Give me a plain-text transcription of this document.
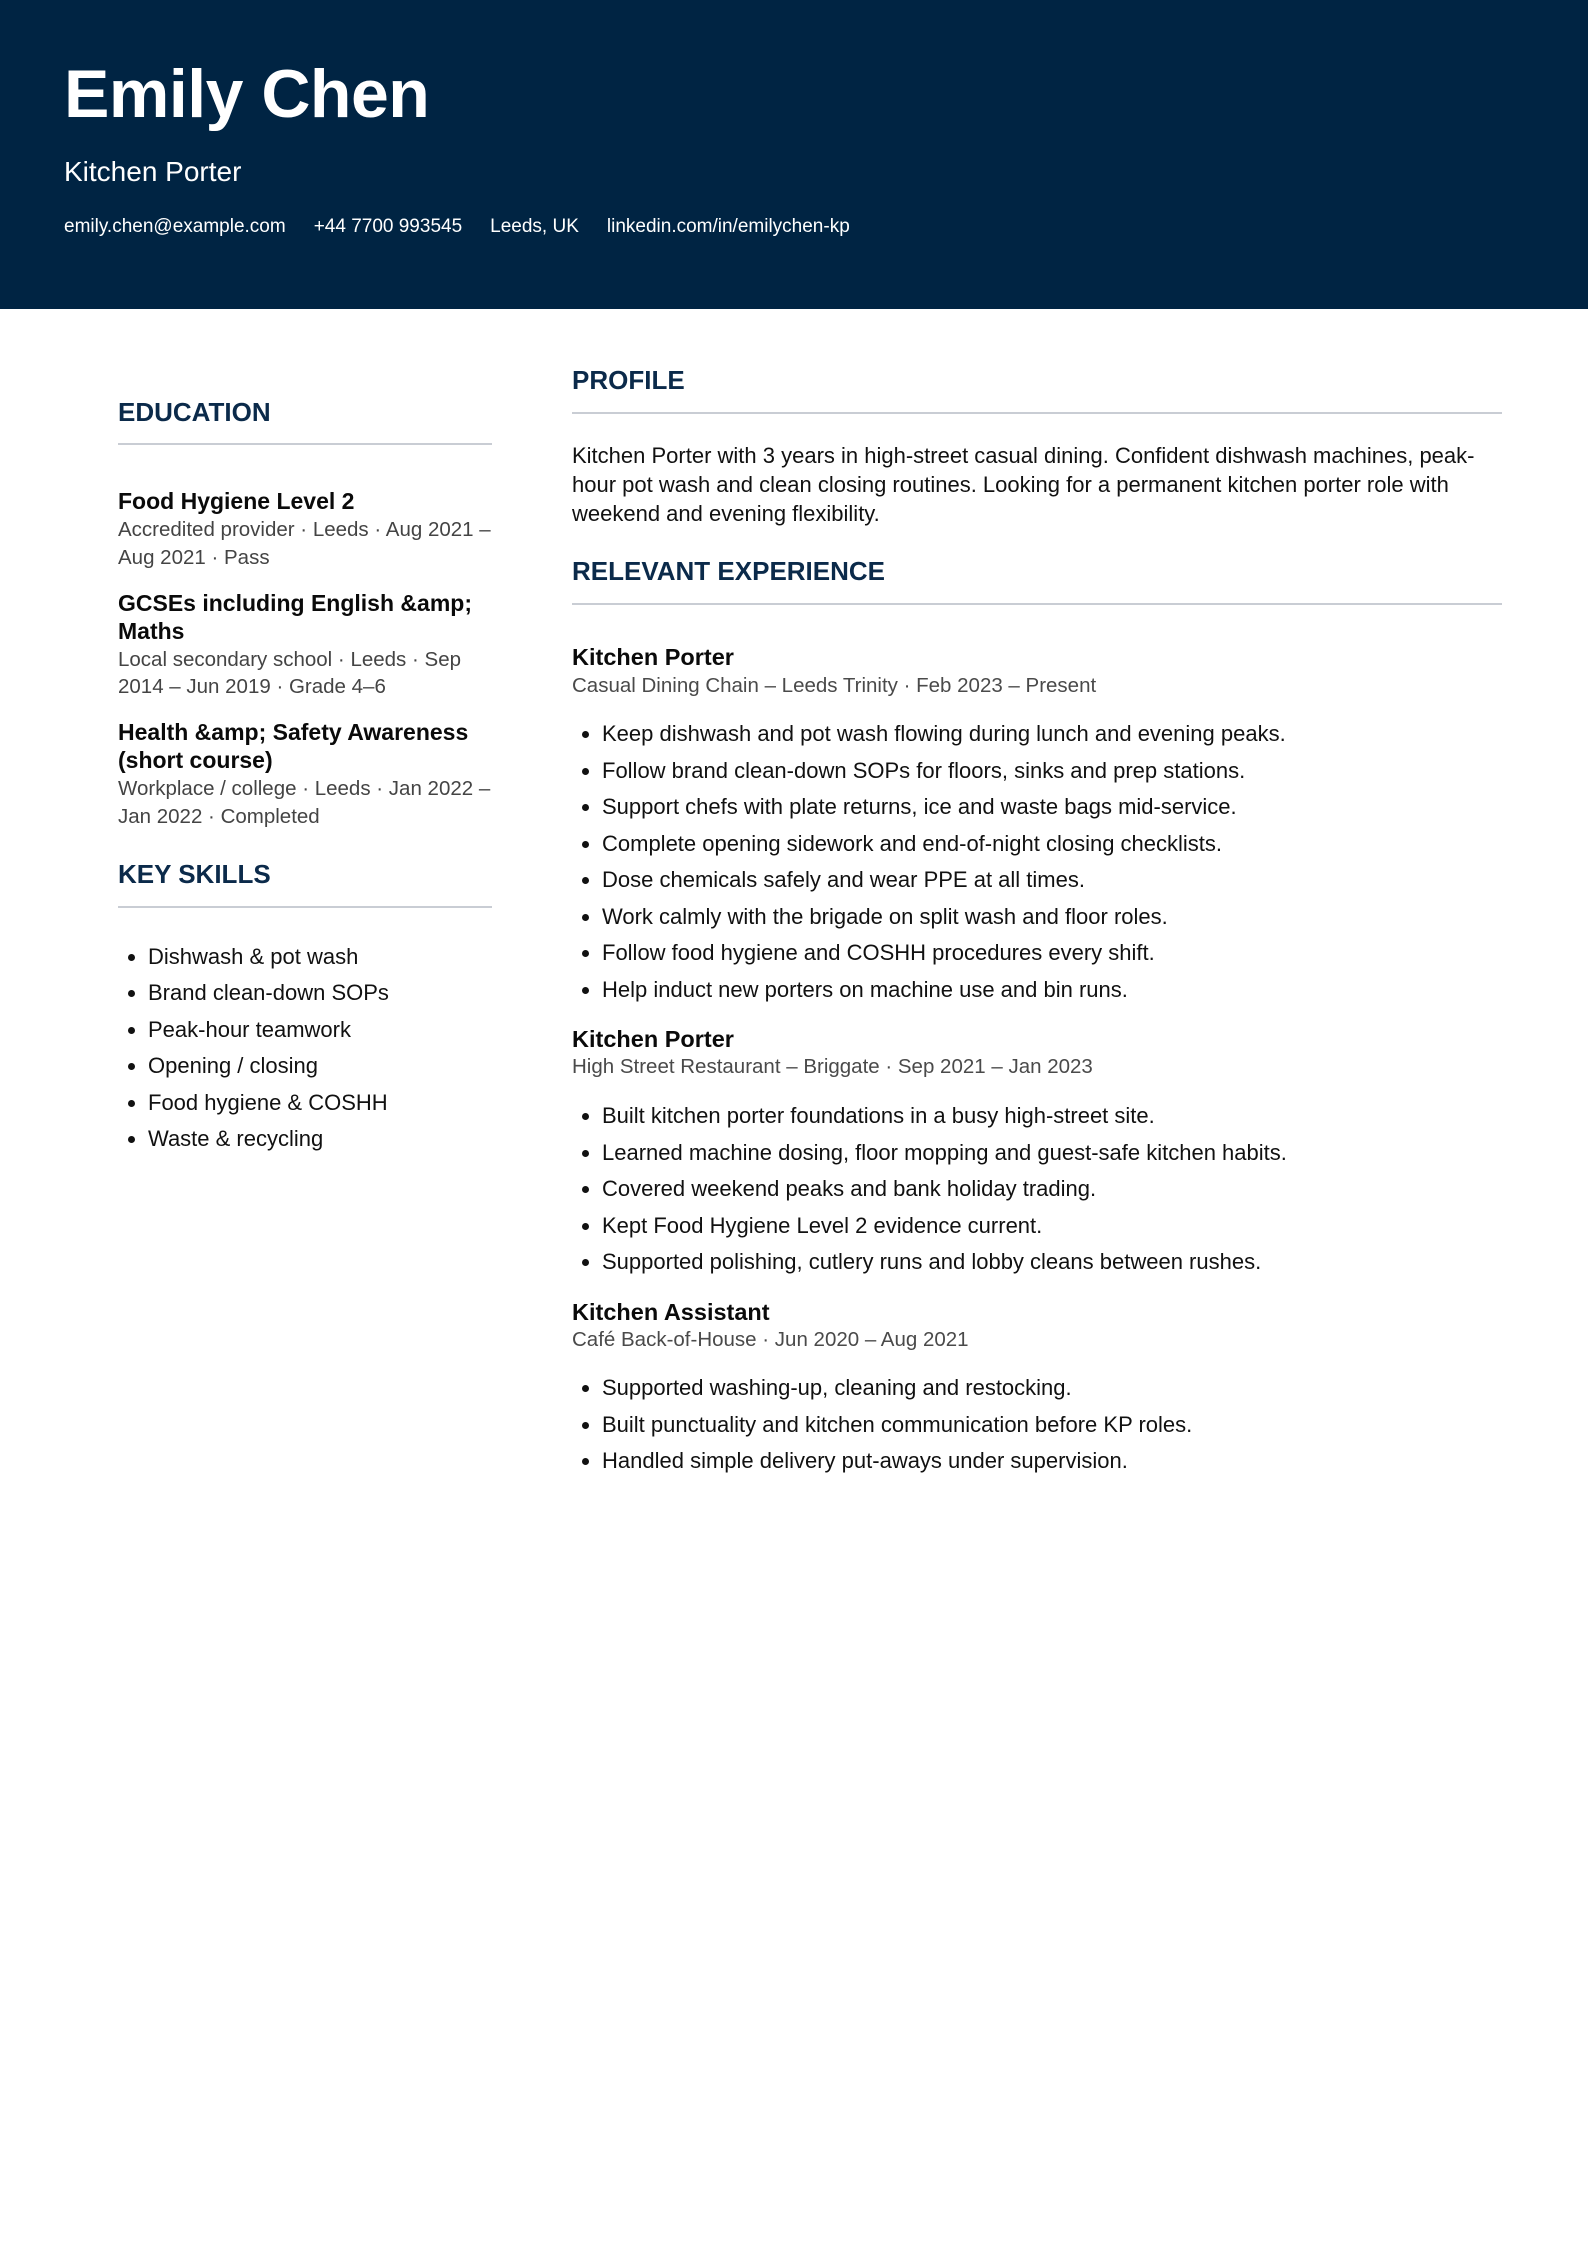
Emily Chen
Kitchen Porter
emily.chen@example.com +44 7700 993545 Leeds, UK linkedin.com/in/emilychen-kp
EDUCATION
Food Hygiene Level 2
Accredited provider · Leeds · Aug 2021 – Aug 2021 · Pass
GCSEs including English &amp; Maths
Local secondary school · Leeds · Sep 2014 – Jun 2019 · Grade 4–6
Health &amp; Safety Awareness (short course)
Workplace / college · Leeds · Jan 2022 – Jan 2022 · Completed
KEY SKILLS
• Dishwash & pot wash
• Brand clean-down SOPs
• Peak-hour teamwork
• Opening / closing
• Food hygiene & COSHH
• Waste & recycling
PROFILE

Kitchen Porter with 3 years in high-street casual dining. Confident dishwash machines, peak-hour pot wash and clean closing routines. Looking for a permanent kitchen porter role with weekend and evening flexibility.

RELEVANT EXPERIENCE
Kitchen Porter
Casual Dining Chain – Leeds Trinity · Feb 2023 – Present
• Keep dishwash and pot wash flowing during lunch and evening peaks.
• Follow brand clean-down SOPs for floors, sinks and prep stations.
• Support chefs with plate returns, ice and waste bags mid-service.
• Complete opening sidework and end-of-night closing checklists.
• Dose chemicals safely and wear PPE at all times.
• Work calmly with the brigade on split wash and floor roles.
• Follow food hygiene and COSHH procedures every shift.
• Help induct new porters on machine use and bin runs.
Kitchen Porter
High Street Restaurant – Briggate · Sep 2021 – Jan 2023
• Built kitchen porter foundations in a busy high-street site.
• Learned machine dosing, floor mopping and guest-safe kitchen habits.
• Covered weekend peaks and bank holiday trading.
• Kept Food Hygiene Level 2 evidence current.
• Supported polishing, cutlery runs and lobby cleans between rushes.
Kitchen Assistant
Café Back-of-House · Jun 2020 – Aug 2021
• Supported washing-up, cleaning and restocking.
• Built punctuality and kitchen communication before KP roles.
• Handled simple delivery put-aways under supervision.
